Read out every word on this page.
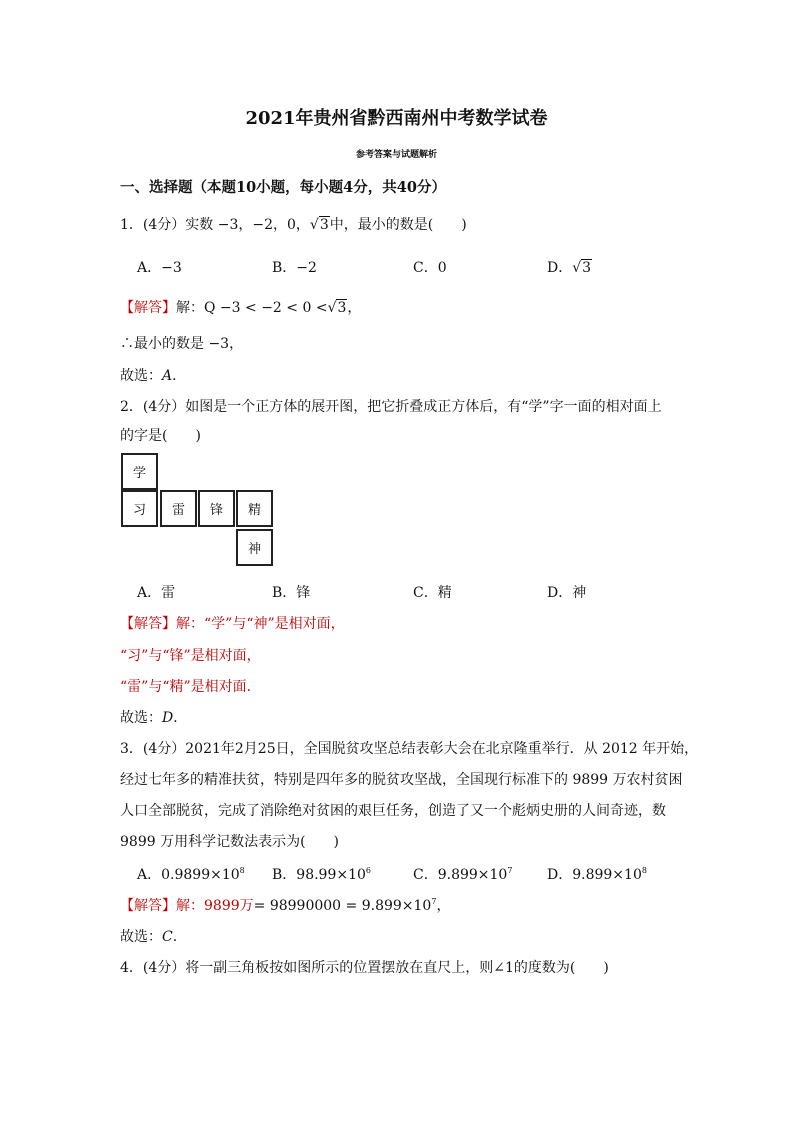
2021年贵州省黔西南州中考数学试卷
参考答案与试题解析
一、选择题（本题10小题，每小题4分，共40分）
1．(4分）实数 −3，−2，0，√3中，最小的数是(　　)
A．−3	B．−2	C．0	D．√3
【解答】解：Q −3 < −2 < 0 <√3，
∴最小的数是 −3，
故选：A．
2．(4分）如图是一个正方体的展开图，把它折叠成正方体后，有“学”字一面的相对面上
的字是(　　)
学
习	雷	锋	精
神
A．雷	B．锋	C．精	D．神
【解答】解：“学”与“神”是相对面，
“习”与“锋”是相对面，
“雷”与“精”是相对面．
故选：D．
3．(4分）2021年2月25日，全国脱贫攻坚总结表彰大会在北京隆重举行．从 2012 年开始，
经过七年多的精准扶贫，特别是四年多的脱贫攻坚战，全国现行标准下的 9899 万农村贫困
人口全部脱贫，完成了消除绝对贫困的艰巨任务，创造了又一个彪炳史册的人间奇迹，数
9899 万用科学记数法表示为(　　)
A．$0.9899\times 10^8$ B．$98.99\times 10^6$	C．$9.899\times 10^7$ D．$9.899\times 10^8$
【解答】解：9899万= $98990000 = 9.899\times 10^7$，
故选：C．
4．(4分）将一副三角板按如图所示的位置摆放在直尺上，则∠1的度数为(　　)
